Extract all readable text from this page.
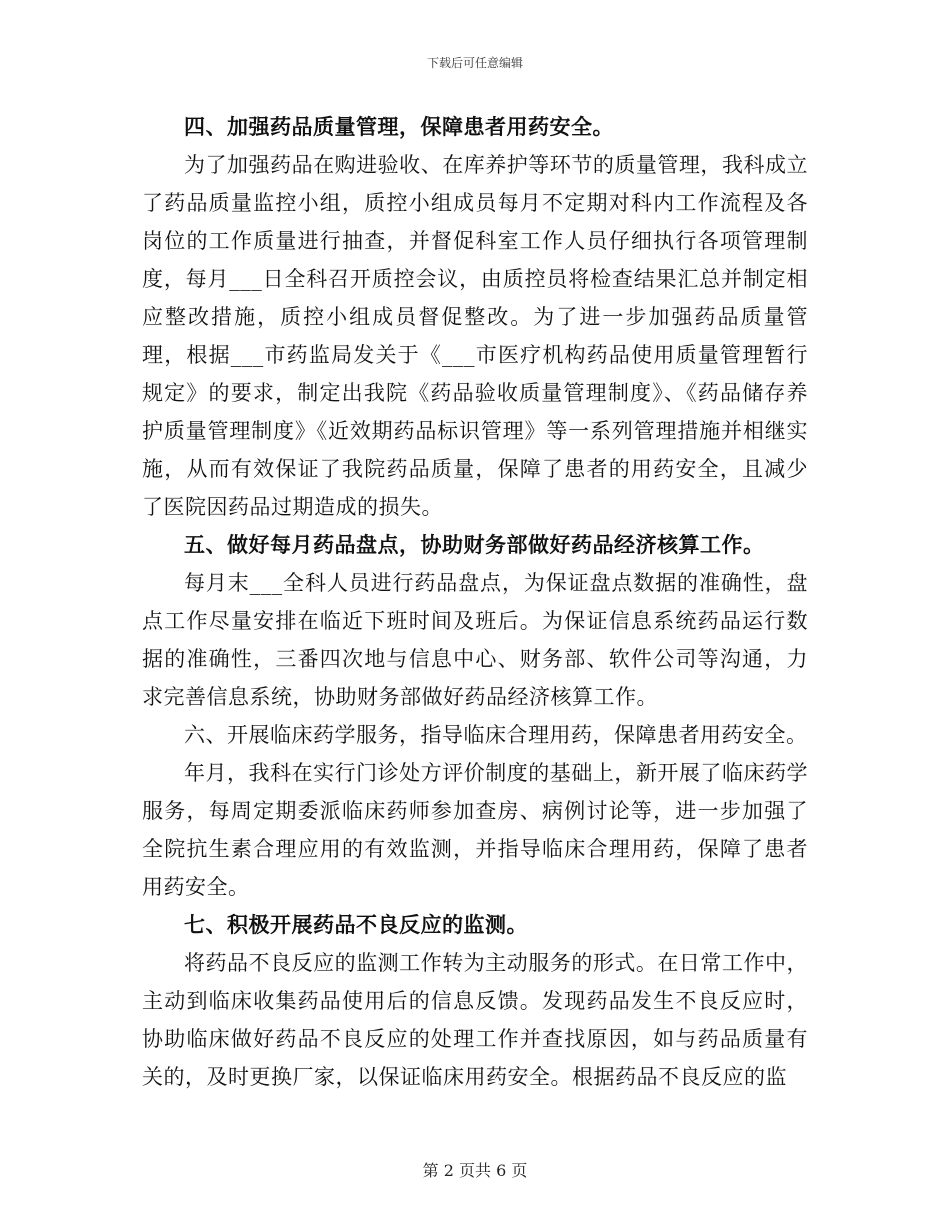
下载后可任意编辑

四、加强药品质量管理，保障患者用药安全。

为了加强药品在购进验收、在库养护等环节的质量管理，我科成立了药品质量监控小组，质控小组成员每月不定期对科内工作流程及各岗位的工作质量进行抽查，并督促科室工作人员仔细执行各项管理制度，每月___日全科召开质控会议，由质控员将检查结果汇总并制定相应整改措施，质控小组成员督促整改。为了进一步加强药品质量管理，根据___市药监局发关于《___市医疗机构药品使用质量管理暂行规定》的要求，制定出我院《药品验收质量管理制度》、《药品储存养护质量管理制度》《近效期药品标识管理》等一系列管理措施并相继实施，从而有效保证了我院药品质量，保障了患者的用药安全，且减少了医院因药品过期造成的损失。

五、做好每月药品盘点，协助财务部做好药品经济核算工作。

每月末___全科人员进行药品盘点，为保证盘点数据的准确性，盘点工作尽量安排在临近下班时间及班后。为保证信息系统药品运行数据的准确性，三番四次地与信息中心、财务部、软件公司等沟通，力求完善信息系统，协助财务部做好药品经济核算工作。

六、开展临床药学服务，指导临床合理用药，保障患者用药安全。

年月，我科在实行门诊处方评价制度的基础上，新开展了临床药学服务，每周定期委派临床药师参加查房、病例讨论等，进一步加强了全院抗生素合理应用的有效监测，并指导临床合理用药，保障了患者用药安全。

七、积极开展药品不良反应的监测。

将药品不良反应的监测工作转为主动服务的形式。在日常工作中，主动到临床收集药品使用后的信息反馈。发现药品发生不良反应时，协助临床做好药品不良反应的处理工作并查找原因，如与药品质量有关的，及时更换厂家，以保证临床用药安全。根据药品不良反应的监

第 2 页共 6 页
